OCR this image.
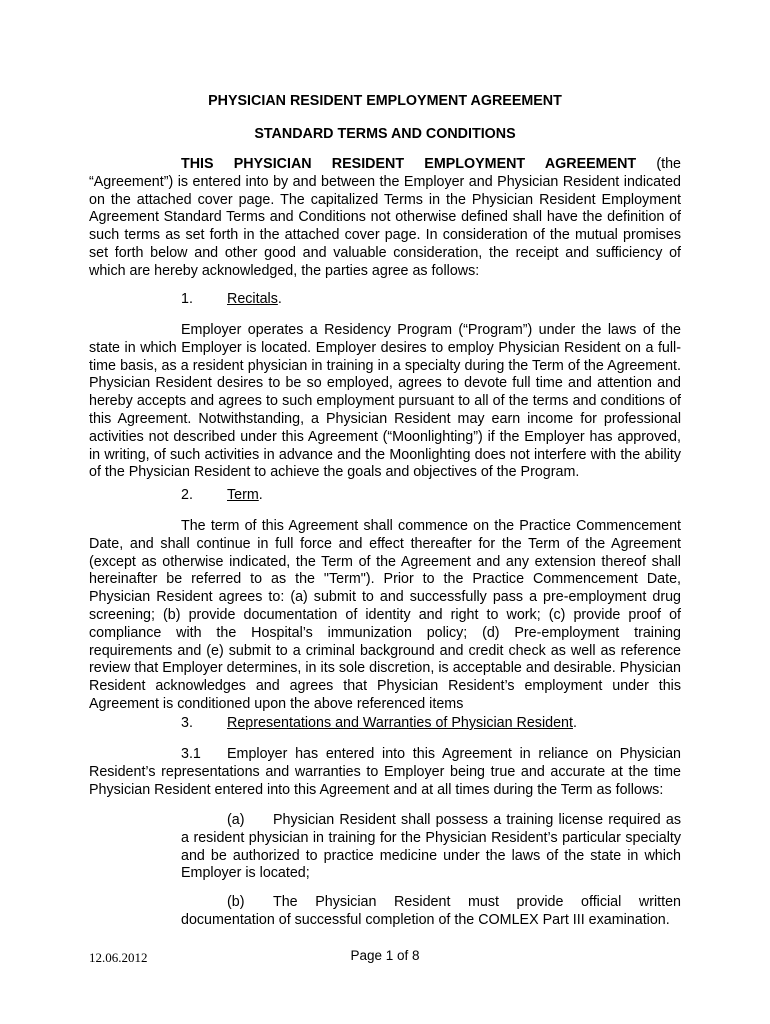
PHYSICIAN RESIDENT EMPLOYMENT AGREEMENT
STANDARD TERMS AND CONDITIONS

THIS PHYSICIAN RESIDENT EMPLOYMENT AGREEMENT (the “Agreement”) is entered into by and between the Employer and Physician Resident indicated on the attached cover page. The capitalized Terms in the Physician Resident Employment Agreement Standard Terms and Conditions not otherwise defined shall have the definition of such terms as set forth in the attached cover page. In consideration of the mutual promises set forth below and other good and valuable consideration, the receipt and sufficiency of which are hereby acknowledged, the parties agree as follows:

1. Recitals.

Employer operates a Residency Program (“Program”) under the laws of the state in which Employer is located. Employer desires to employ Physician Resident on a full-time basis, as a resident physician in training in a specialty during the Term of the Agreement. Physician Resident desires to be so employed, agrees to devote full time and attention and hereby accepts and agrees to such employment pursuant to all of the terms and conditions of this Agreement. Notwithstanding, a Physician Resident may earn income for professional activities not described under this Agreement (“Moonlighting”) if the Employer has approved, in writing, of such activities in advance and the Moonlighting does not interfere with the ability of the Physician Resident to achieve the goals and objectives of the Program.

2. Term.

The term of this Agreement shall commence on the Practice Commencement Date, and shall continue in full force and effect thereafter for the Term of the Agreement (except as otherwise indicated, the Term of the Agreement and any extension thereof shall hereinafter be referred to as the "Term"). Prior to the Practice Commencement Date, Physician Resident agrees to: (a) submit to and successfully pass a pre-employment drug screening; (b) provide documentation of identity and right to work; (c) provide proof of compliance with the Hospital’s immunization policy; (d) Pre-employment training requirements and (e) submit to a criminal background and credit check as well as reference review that Employer determines, in its sole discretion, is acceptable and desirable. Physician Resident acknowledges and agrees that Physician Resident’s employment under this Agreement is conditioned upon the above referenced items

3. Representations and Warranties of Physician Resident.

3.1 Employer has entered into this Agreement in reliance on Physician Resident’s representations and warranties to Employer being true and accurate at the time Physician Resident entered into this Agreement and at all times during the Term as follows:

(a) Physician Resident shall possess a training license required as a resident physician in training for the Physician Resident’s particular specialty and be authorized to practice medicine under the laws of the state in which Employer is located;

(b) The Physician Resident must provide official written documentation of successful completion of the COMLEX Part III examination.

12.06.2012	Page 1 of 8
